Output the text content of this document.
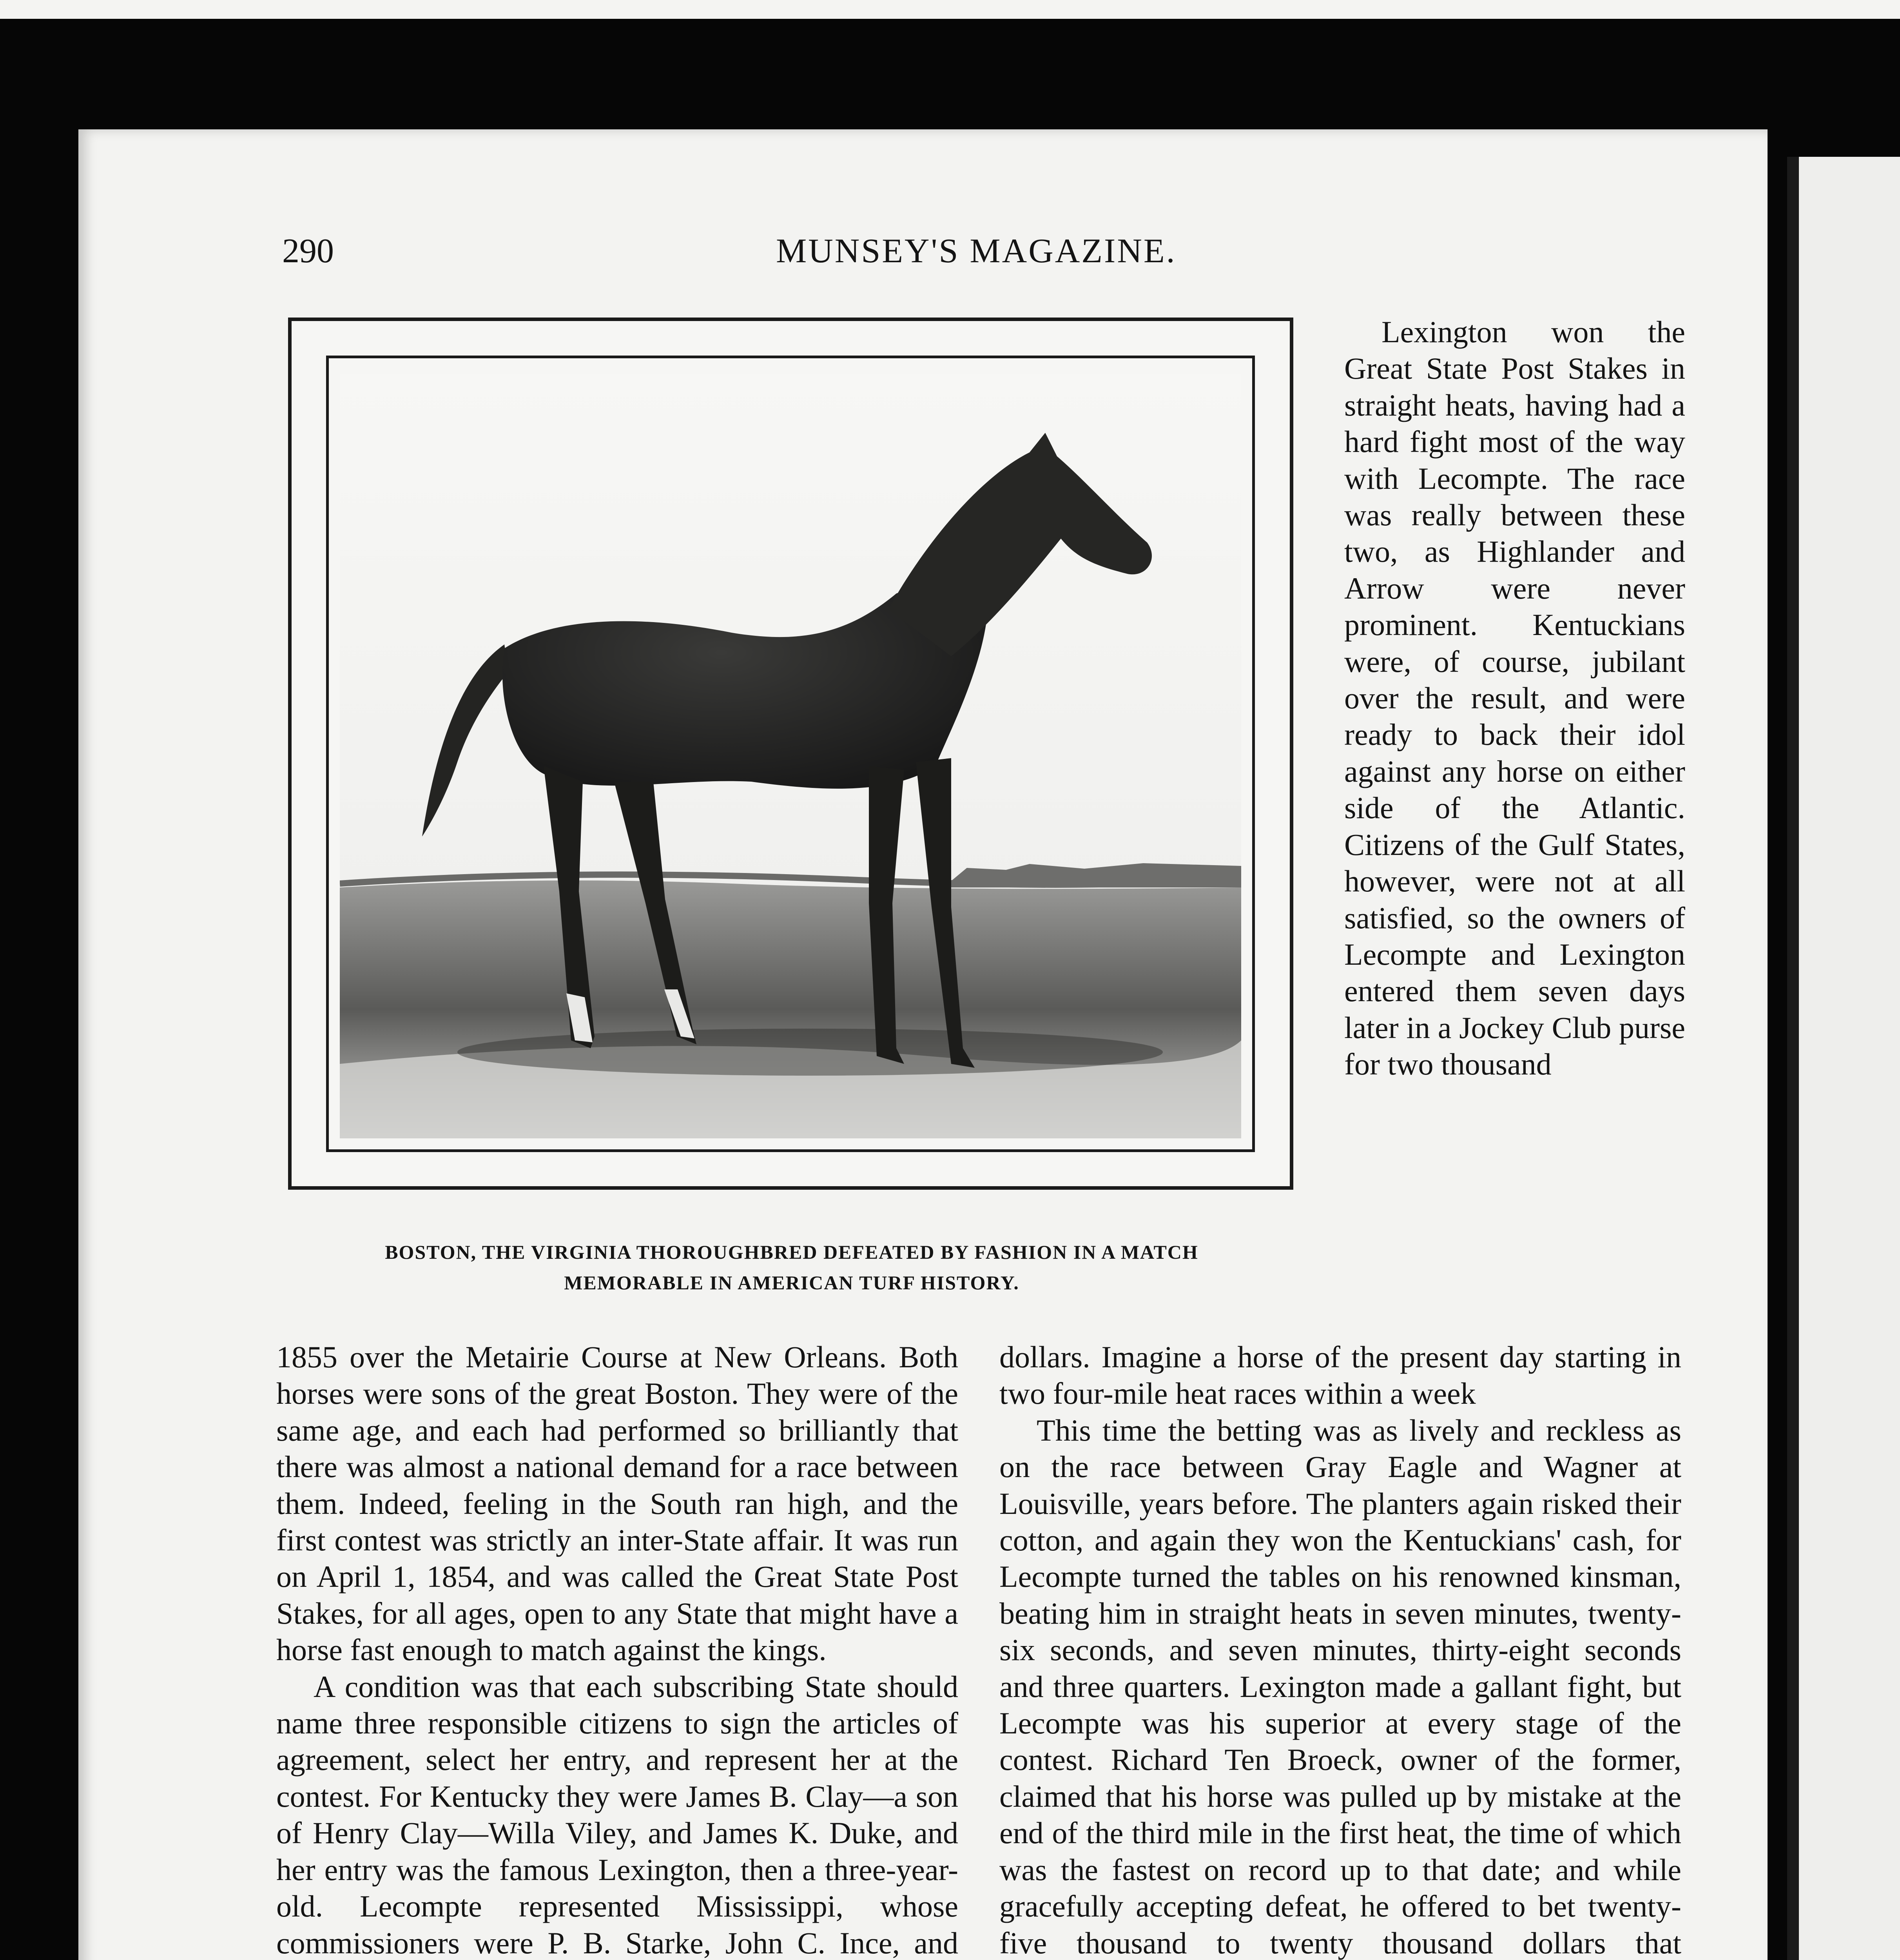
290	MUNSEY'S MAGAZINE.
BOSTON, THE VIRGINIA THOROUGHBRED DEFEATED BY FASHION IN A MATCH
MEMORABLE IN AMERICAN TURF HISTORY.

Lexington won the Great State Post Stakes in straight heats, having had a hard fight most of the way with Lecompte. The race was really between these two, as Highlander and Arrow were never prominent. Kentuckians were, of course, jubilant over the result, and were ready to back their idol against any horse on either side of the Atlantic. Citizens of the Gulf States, however, were not at all satisfied, so the owners of Lecompte and Lexington entered them seven days later in a Jockey Club purse for two thousand

1855 over the Metairie Course at New Orleans. Both horses were sons of the great Boston. They were of the same age, and each had performed so brilliantly that there was almost a national demand for a race between them. Indeed, feeling in the South ran high, and the first contest was strictly an inter-State affair. It was run on April 1, 1854, and was called the Great State Post Stakes, for all ages, open to any State that might have a horse fast enough to match against the kings.

A condition was that each subscribing State should name three responsible citizens to sign the articles of agreement, select her entry, and represent her at the contest. For Kentucky they were James B. Clay—a son of Henry Clay—Willa Viley, and James K. Duke, and her entry was the famous Lexington, then a three-year-old. Lecompte represented Mississippi, whose commissioners were P. B. Starke, John C. Ince, and

dollars. Imagine a horse of the present day starting in two four-mile heat races within a week

This time the betting was as lively and reckless as on the race between Gray Eagle and Wagner at Louisville, years before. The planters again risked their cotton, and again they won the Kentuckians' cash, for Lecompte turned the tables on his renowned kinsman, beating him in straight heats in seven minutes, twenty-six seconds, and seven minutes, thirty-eight seconds and three quarters. Lexington made a gallant fight, but Lecompte was his superior at every stage of the contest. Richard Ten Broeck, owner of the former, claimed that his horse was pulled up by mistake at the end of the third mile in the first heat, the time of which was the fastest on record up to that date; and while gracefully accepting defeat, he offered to bet twenty-five thousand to twenty thousand dollars that
